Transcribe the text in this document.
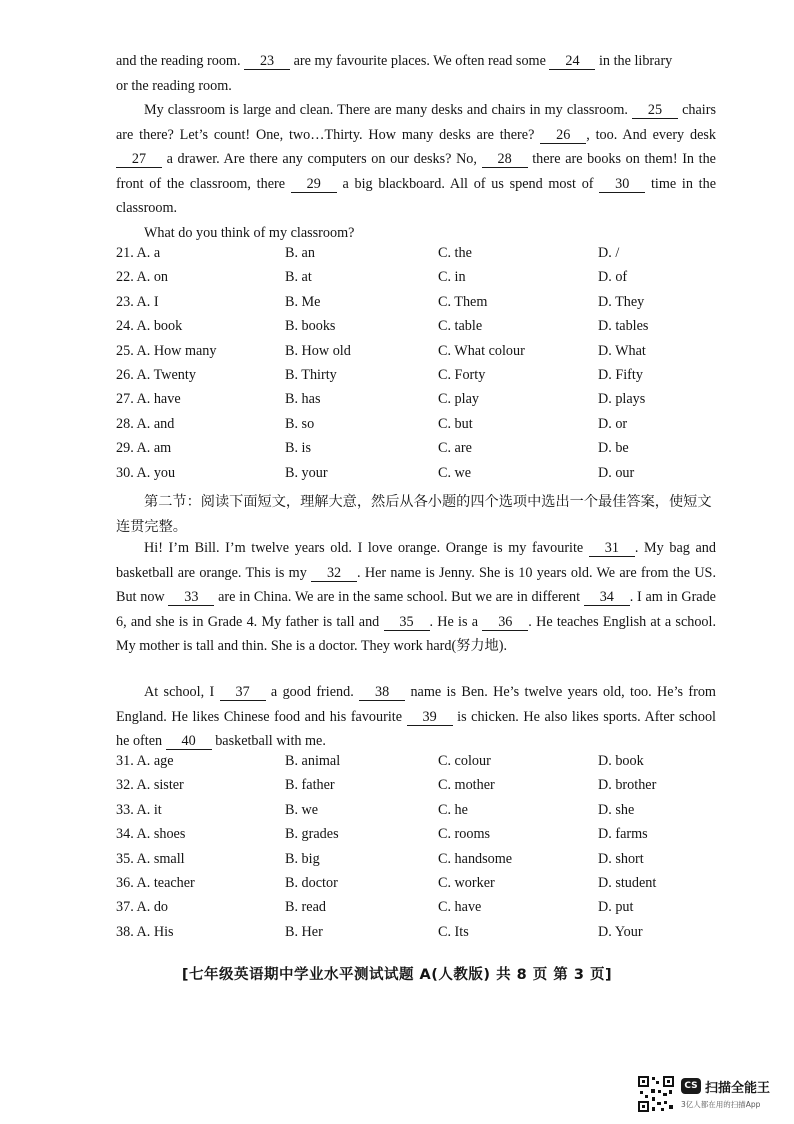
and the reading room. 23 are my favourite places. We often read some 24 in the library
or the reading room.
My classroom is large and clean. There are many desks and chairs in my classroom. 25 chairs are there? Let’s count! One, two…Thirty. How many desks are there? 26 , too. And every desk 27 a drawer. Are there any computers on our desks? No, 28 there are books on them! In the front of the classroom, there 29 a big blackboard. All of us spend most of 30 time in the classroom.
What do you think of my classroom?
21. A. a	B. an	C. the	D. /
22. A. on	B. at	C. in	D. of
23. A. I	B. Me	C. Them	D. They
24. A. book	B. books	C. table	D. tables
25. A. How many	B. How old	C. What colour	D. What
26. A. Twenty	B. Thirty	C. Forty	D. Fifty
27. A. have	B. has	C. play	D. plays
28. A. and	B. so	C. but	D. or
29. A. am	B. is	C. are	D. be
30. A. you	B. your	C. we	D. our
第二节：阅读下面短文，理解大意，然后从各小题的四个选项中选出一个最佳答案，使短文连贯完整。
Hi! I’m Bill. I’m twelve years old. I love orange. Orange is my favourite 31 . My bag and basketball are orange. This is my 32 . Her name is Jenny. She is 10 years old. We are from the US. But now 33 are in China. We are in the same school. But we are in different 34 . I am in Grade 6, and she is in Grade 4. My father is tall and 35 . He is a 36 . He teaches English at a school. My mother is tall and thin. She is a doctor. They work hard(努力地).
At school, I 37 a good friend. 38 name is Ben. He’s twelve years old, too. He’s from England. He likes Chinese food and his favourite 39 is chicken. He also likes sports. After school he often 40 basketball with me.
31. A. age	B. animal	C. colour	D. book
32. A. sister	B. father	C. mother	D. brother
33. A. it	B. we	C. he	D. she
34. A. shoes	B. grades	C. rooms	D. farms
35. A. small	B. big	C. handsome	D. short
36. A. teacher	B. doctor	C. worker	D. student
37. A. do	B. read	C. have	D. put
38. A. His	B. Her	C. Its	D. Your
[七年级英语期中学业水平测试试题 A(人教版) 共 8 页 第 3 页]
CS 扫描全能王
3亿人都在用的扫描App
